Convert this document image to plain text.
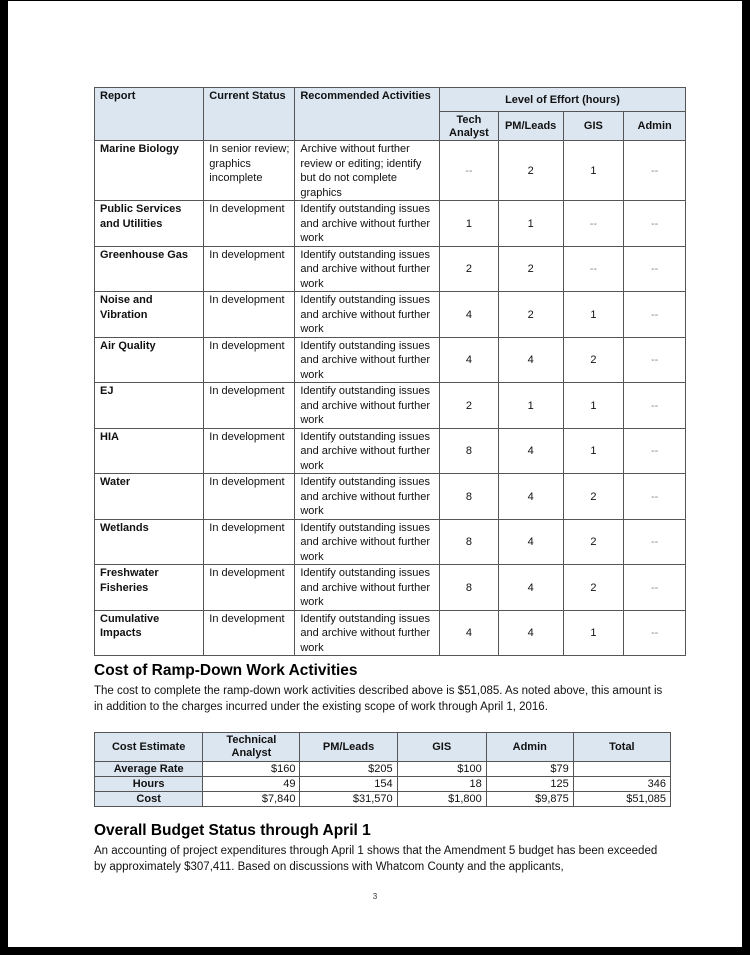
Report	Current Status	Recommended Activities	Level of Effort (hours)			
			Tech Analyst	PM/Leads	GIS	Admin
Marine Biology	In senior review; graphics incomplete	Archive without further review or editing; identify but do not complete graphics	--	2	1	--
Public Services and Utilities	In development	Identify outstanding issues and archive without further work	1	1	--	--
Greenhouse Gas	In development	Identify outstanding issues and archive without further work	2	2	--	--
Noise and Vibration	In development	Identify outstanding issues and archive without further work	4	2	1	--
Air Quality	In development	Identify outstanding issues and archive without further work	4	4	2	--
EJ	In development	Identify outstanding issues and archive without further work	2	1	1	--
HIA	In development	Identify outstanding issues and archive without further work	8	4	1	--
Water	In development	Identify outstanding issues and archive without further work	8	4	2	--
Wetlands	In development	Identify outstanding issues and archive without further work	8	4	2	--
Freshwater Fisheries	In development	Identify outstanding issues and archive without further work	8	4	2	--
Cumulative Impacts	In development	Identify outstanding issues and archive without further work	4	4	1	--
Cost of Ramp-Down Work Activities
The cost to complete the ramp-down work activities described above is $51,085. As noted above, this amount is in addition to the charges incurred under the existing scope of work through April 1, 2016.
Cost Estimate	Technical Analyst	PM/Leads	GIS	Admin	Total
Average Rate	$160	$205	$100	$79	
Hours	49	154	18	125	346
Cost	$7,840	$31,570	$1,800	$9,875	$51,085
Overall Budget Status through April 1
An accounting of project expenditures through April 1 shows that the Amendment 5 budget has been exceeded by approximately $307,411. Based on discussions with Whatcom County and the applicants,
3
